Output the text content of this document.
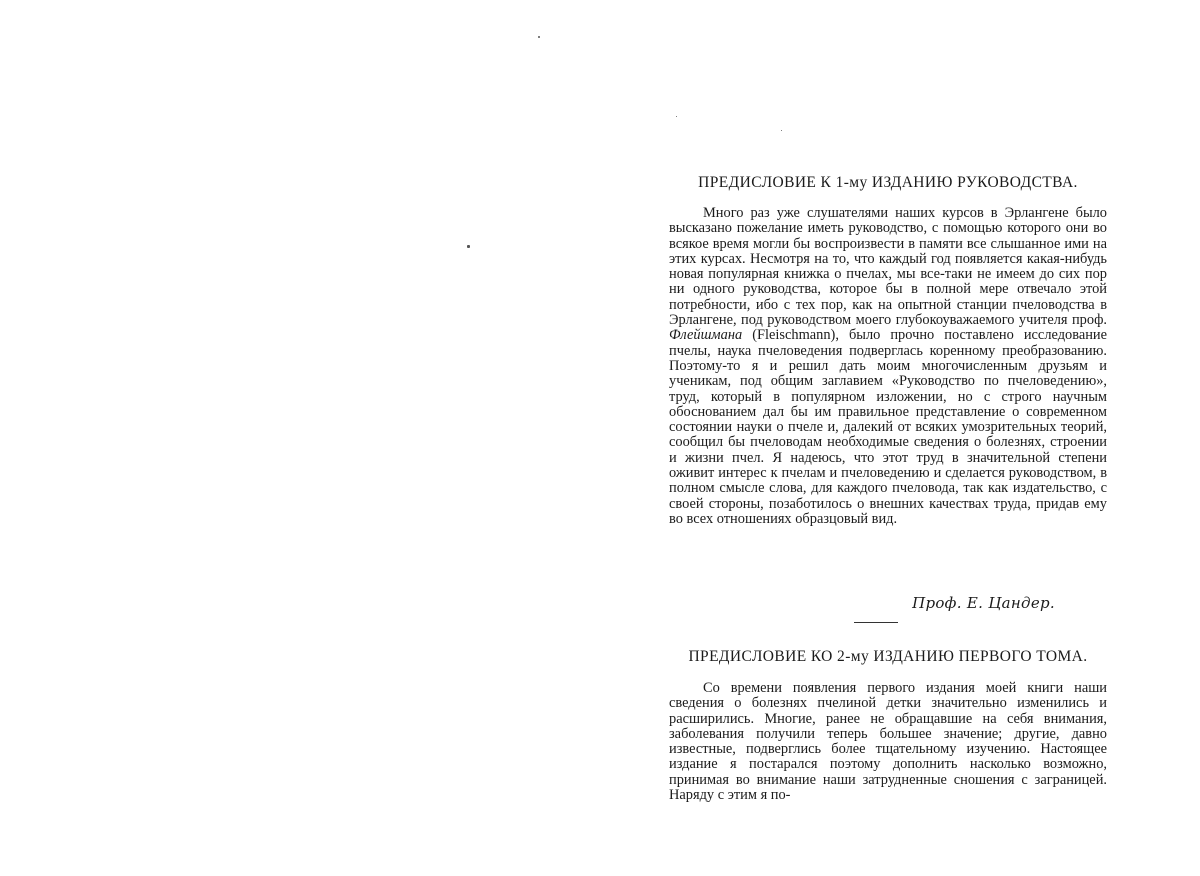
ПРЕДИСЛОВИЕ К 1-му ИЗДАНИЮ РУКОВОДСТВА.

Много раз уже слушателями наших курсов в Эрлангене было высказано пожелание иметь руководство, с помощью которого они во всякое время могли бы воспроизвести в памяти все слышанное ими на этих курсах. Несмотря на то, что каждый год появляется какая-нибудь новая популярная книжка о пчелах, мы все-таки не имеем до сих пор ни одного руководства, которое бы в полной мере отвечало этой потребности, ибо с тех пор, как на опытной станции пчеловодства в Эрлангене, под руководством моего глубокоуважаемого учителя проф. Флейшмана (Fleischmann), было прочно поставлено исследование пчелы, наука пчеловедения подверглась коренному преобразованию. Поэтому-то я и решил дать моим многочисленным друзьям и ученикам, под общим заглавием «Руководство по пчеловедению», труд, который в популярном изложении, но с строго научным обоснованием дал бы им правильное представление о современном состоянии науки о пчеле и, далекий от всяких умозрительных теорий, сообщил бы пчеловодам необходимые сведения о болезнях, строении и жизни пчел. Я надеюсь, что этот труд в значительной степени оживит интерес к пчелам и пчеловедению и сделается руководством, в полном смысле слова, для каждого пчеловода, так как издательство, с своей стороны, позаботилось о внешних качествах труда, придав ему во всех отношениях образцовый вид.

Проф. Е. Цандер.
ПРЕДИСЛОВИЕ КО 2-му ИЗДАНИЮ ПЕРВОГО ТОМА.

Со времени появления первого издания моей книги наши сведения о болезнях пчелиной детки значительно изменились и расширились. Многие, ранее не обращавшие на себя внимания, заболевания получили теперь большее значение; другие, давно известные, подверглись более тщательному изучению. Настоящее издание я постарался поэтому дополнить насколько возможно, принимая во внимание наши затрудненные сношения с заграницей. Наряду с этим я по-
